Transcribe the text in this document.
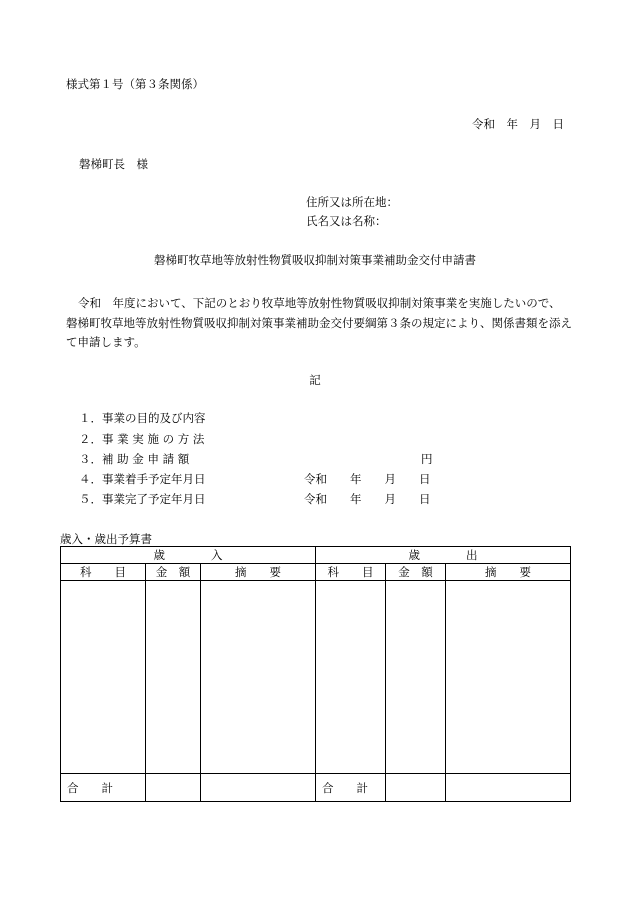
様式第１号（第３条関係）
令和　年　月　日
磐梯町長　様
住所又は所在地：
氏名又は名称：
磐梯町牧草地等放射性物質吸収抑制対策事業補助金交付申請書
令和　年度において、下記のとおり牧草地等放射性物質吸収抑制対策事業を実施したいので、磐梯町牧草地等放射性物質吸収抑制対策事業補助金交付要綱第３条の規定により、関係書類を添えて申請します。
記
１．事業の目的及び内容
２．事 業 実 施 の 方 法
３．補 助 金 申 請 額	円
４．事業着手予定年月日	令和　　年　　月　　日
５．事業完了予定年月日	令和　　年　　月　　日
歳入・歳出予算書
歳　　　　入			歳　　　　出		
科　　目	金　額	摘　　要	科　　目	金　額	摘　　要

合　　計			合　　計		
